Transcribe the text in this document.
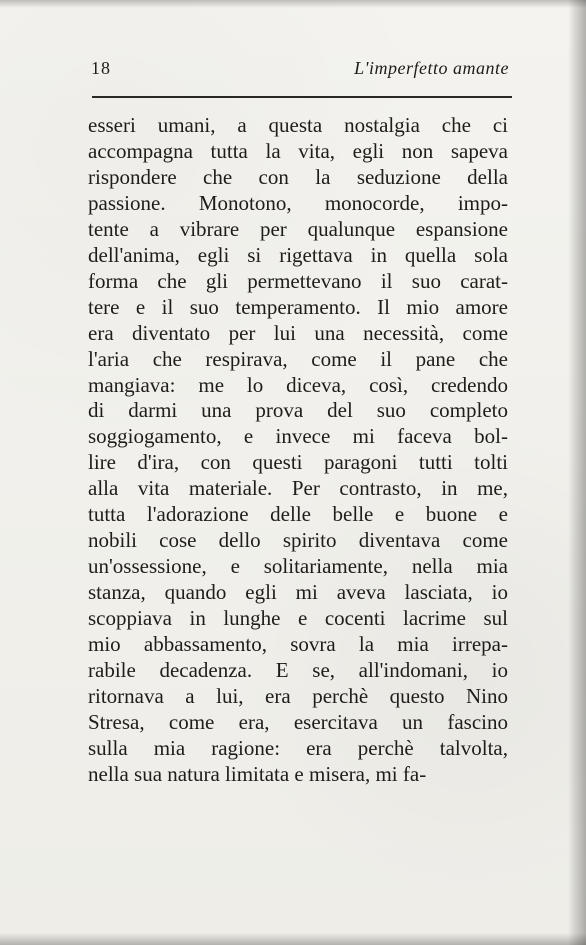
18	L'imperfetto amante
esseri umani, a questa nostalgia che ci
accompagna tutta la vita, egli non sapeva
rispondere che con la seduzione della
passione. Monotono, monocorde, impo-
tente a vibrare per qualunque espansione
dell'anima, egli si rigettava in quella sola
forma che gli permettevano il suo carat-
tere e il suo temperamento. Il mio amore
era diventato per lui una necessità, come
l'aria che respirava, come il pane che
mangiava: me lo diceva, così, credendo
di darmi una prova del suo completo
soggiogamento, e invece mi faceva bol-
lire d'ira, con questi paragoni tutti tolti
alla vita materiale. Per contrasto, in me,
tutta l'adorazione delle belle e buone e
nobili cose dello spirito diventava come
un'ossessione, e solitariamente, nella mia
stanza, quando egli mi aveva lasciata, io
scoppiava in lunghe e cocenti lacrime sul
mio abbassamento, sovra la mia irrepa-
rabile decadenza. E se, all'indomani, io
ritornava a lui, era perchè questo Nino
Stresa, come era, esercitava un fascino
sulla mia ragione: era perchè talvolta,
nella sua natura limitata e misera, mi fa-
